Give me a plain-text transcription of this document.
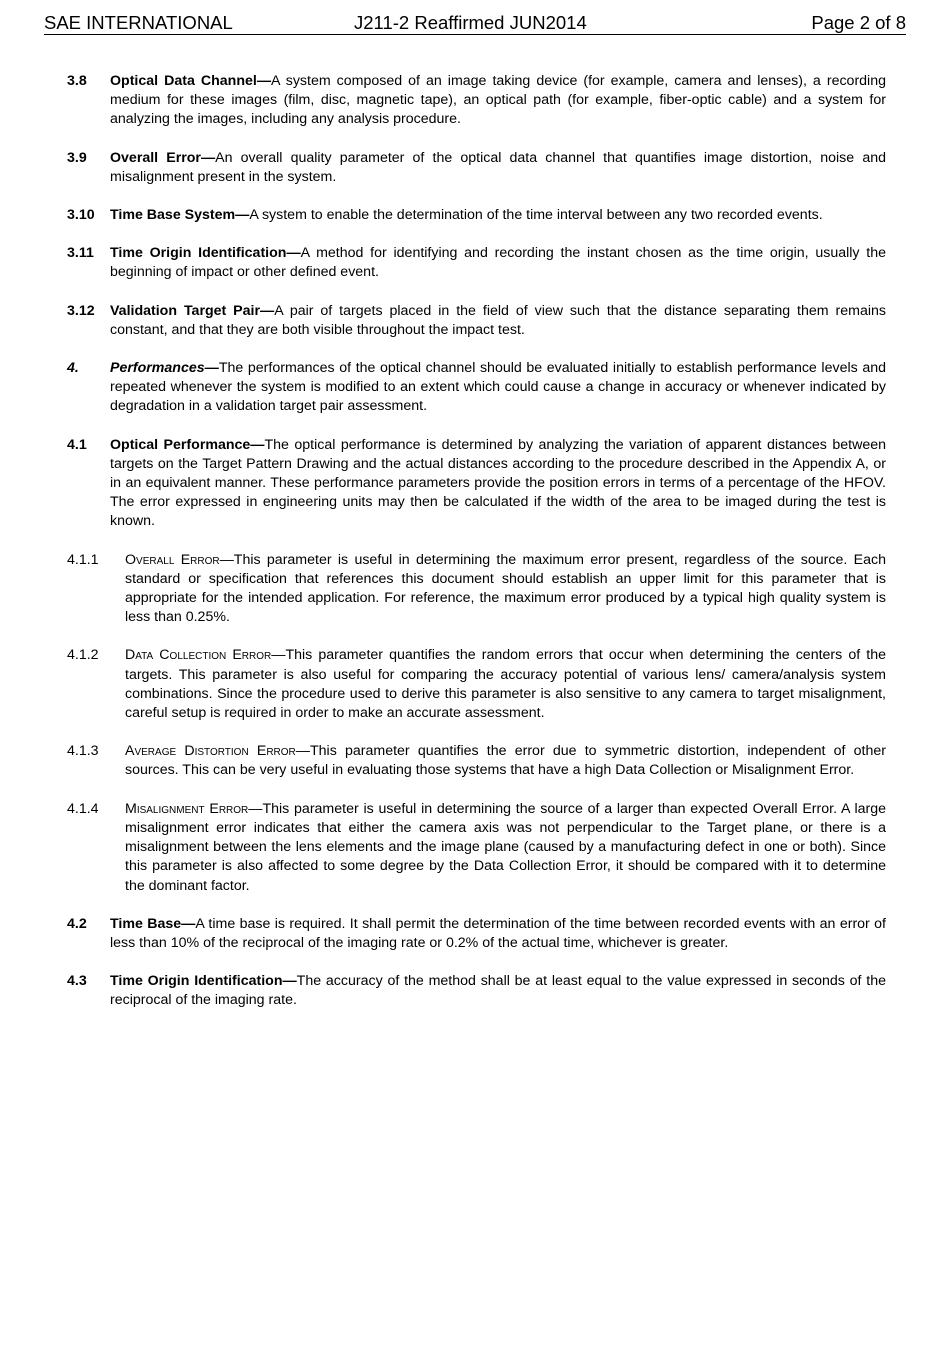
SAE INTERNATIONAL	J211-2 Reaffirmed JUN2014	Page 2 of 8
3.8 Optical Data Channel—A system composed of an image taking device (for example, camera and lenses), a recording medium for these images (film, disc, magnetic tape), an optical path (for example, fiber-optic cable) and a system for analyzing the images, including any analysis procedure.
3.9 Overall Error—An overall quality parameter of the optical data channel that quantifies image distortion, noise and misalignment present in the system.
3.10 Time Base System—A system to enable the determination of the time interval between any two recorded events.
3.11 Time Origin Identification—A method for identifying and recording the instant chosen as the time origin, usually the beginning of impact or other defined event.
3.12 Validation Target Pair—A pair of targets placed in the field of view such that the distance separating them remains constant, and that they are both visible throughout the impact test.
4. Performances—The performances of the optical channel should be evaluated initially to establish performance levels and repeated whenever the system is modified to an extent which could cause a change in accuracy or whenever indicated by degradation in a validation target pair assessment.
4.1 Optical Performance—The optical performance is determined by analyzing the variation of apparent distances between targets on the Target Pattern Drawing and the actual distances according to the procedure described in the Appendix A, or in an equivalent manner. These performance parameters provide the position errors in terms of a percentage of the HFOV. The error expressed in engineering units may then be calculated if the width of the area to be imaged during the test is known.
4.1.1 Overall Error—This parameter is useful in determining the maximum error present, regardless of the source. Each standard or specification that references this document should establish an upper limit for this parameter that is appropriate for the intended application. For reference, the maximum error produced by a typical high quality system is less than 0.25%.
4.1.2 Data Collection Error—This parameter quantifies the random errors that occur when determining the centers of the targets. This parameter is also useful for comparing the accuracy potential of various lens/ camera/analysis system combinations. Since the procedure used to derive this parameter is also sensitive to any camera to target misalignment, careful setup is required in order to make an accurate assessment.
4.1.3 Average Distortion Error—This parameter quantifies the error due to symmetric distortion, independent of other sources. This can be very useful in evaluating those systems that have a high Data Collection or Misalignment Error.
4.1.4 Misalignment Error—This parameter is useful in determining the source of a larger than expected Overall Error. A large misalignment error indicates that either the camera axis was not perpendicular to the Target plane, or there is a misalignment between the lens elements and the image plane (caused by a manufacturing defect in one or both). Since this parameter is also affected to some degree by the Data Collection Error, it should be compared with it to determine the dominant factor.
4.2 Time Base—A time base is required. It shall permit the determination of the time between recorded events with an error of less than 10% of the reciprocal of the imaging rate or 0.2% of the actual time, whichever is greater.
4.3 Time Origin Identification—The accuracy of the method shall be at least equal to the value expressed in seconds of the reciprocal of the imaging rate.
